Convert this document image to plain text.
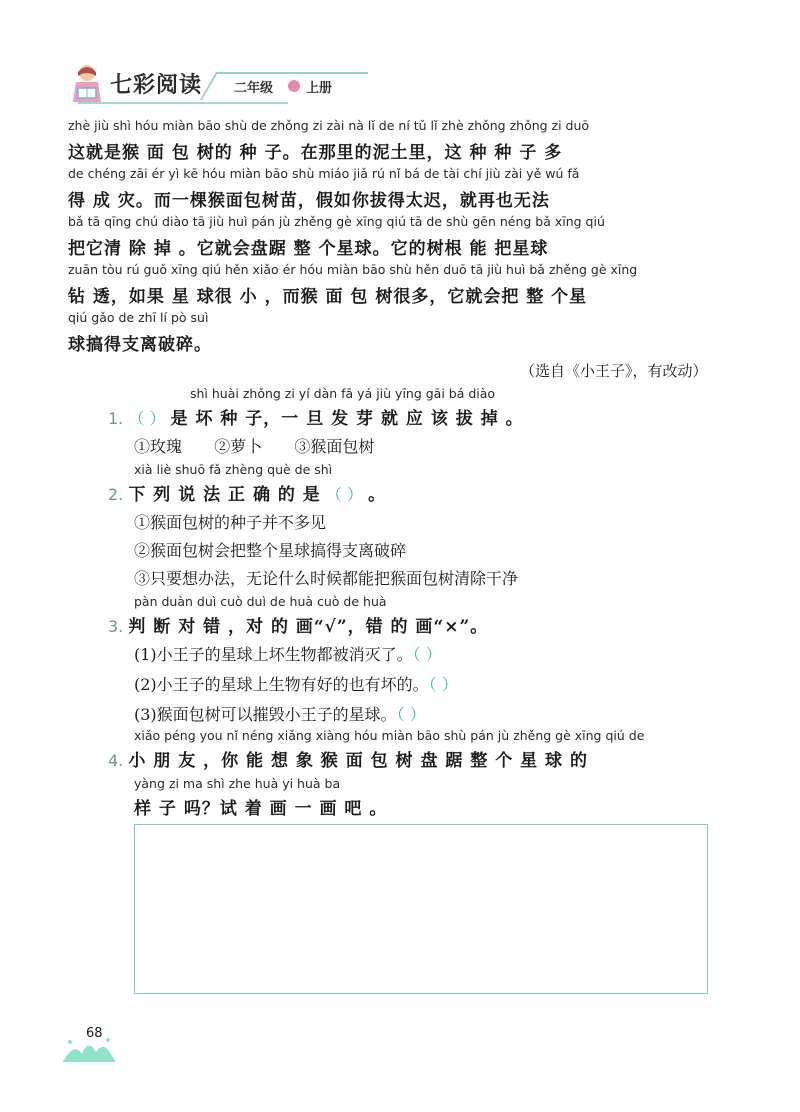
七彩阅读 二年级	上册
zhè jiù shì hóu miàn bāo shù de zhǒng zi zài nà lǐ de ní tǔ lǐ zhè zhǒng zhǒng zi duō
这就是猴 面 包 树的 种 子。在那里的泥土里，这 种 种 子 多
de chéng zāi ér yì kē hóu miàn bāo shù miáo jiǎ rú nǐ bá de tài chí jiù zài yě wú fǎ
得 成 灾。而一棵猴面包树苗，假如你拔得太迟，就再也无法
bǎ tā qīng chú diào tā jiù huì pán jù zhěng gè xīng qiú tā de shù gēn néng bǎ xīng qiú
把它清 除 掉 。它就会盘踞 整 个星球。它的树根 能 把星球
zuān tòu rú guǒ xīng qiú hěn xiǎo ér hóu miàn bāo shù hěn duō tā jiù huì bǎ zhěng gè xīng
钻 透，如果 星 球很 小 ，而猴 面 包 树很多，它就会把 整 个星
qiú gǎo de zhī lí pò suì
球搞得支离破碎。
（选自《小王子》，有改动）
shì huài zhǒng zi yí dàn fā yá jiù yīng gāi bá diào
1. （ ） 是 坏 种 子，一 旦 发 芽 就 应 该 拔 掉 。
①玫瑰 ②萝卜 ③猴面包树
xià liè shuō fǎ zhèng què de shì
2. 下 列 说 法 正 确 的 是 （ ） 。
①猴面包树的种子并不多见
②猴面包树会把整个星球搞得支离破碎
③只要想办法，无论什么时候都能把猴面包树清除干净
pàn duàn duì cuò duì de huà cuò de huà
3. 判 断 对 错 ，对 的 画“√”，错 的 画“×”。
(1)小王子的星球上坏生物都被消灭了。（ ）
(2)小王子的星球上生物有好的也有坏的。（ ）
(3)猴面包树可以摧毁小王子的星球。（ ）
xiǎo péng you nǐ néng xiǎng xiàng hóu miàn bāo shù pán jù zhěng gè xīng qiú de
4. 小 朋 友 ，你 能 想 象 猴 面 包 树 盘 踞 整 个 星 球 的
yàng zi ma shì zhe huà yi huà ba
样 子 吗？试 着 画 一 画 吧 。
68
